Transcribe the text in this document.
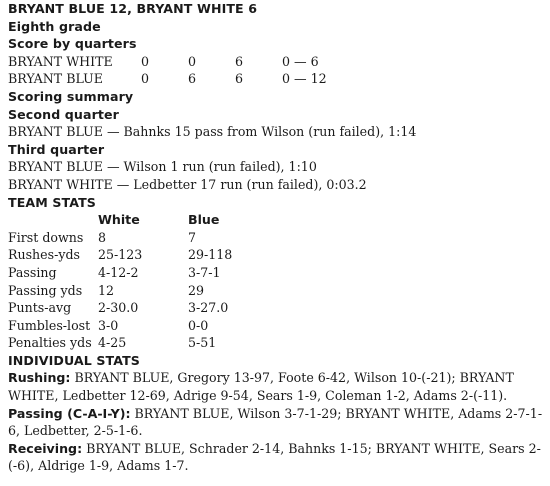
BRYANT BLUE 12, BRYANT WHITE 6
Eighth grade
Score by quarters
BRYANT WHITE	0	0	6	0 — 6
BRYANT BLUE	0	6	6	0 — 12
Scoring summary
Second quarter
BRYANT BLUE — Bahnks 15 pass from Wilson (run failed), 1:14
Third quarter
BRYANT BLUE — Wilson 1 run (run failed), 1:10
BRYANT WHITE — Ledbetter 17 run (run failed), 0:03.2
TEAM STATS
White	Blue
First downs	8	7
Rushes-yds	25-123	29-118
Passing	4-12-2	3-7-1
Passing yds	12	29
Punts-avg	2-30.0	3-27.0
Fumbles-lost 3-0	0-0
Penalties yds 4-25	5-51
INDIVIDUAL STATS
Rushing: BRYANT BLUE, Gregory 13-97, Foote 6-42, Wilson 10-(-21); BRYANT WHITE, Ledbetter 12-69, Adrige 9-54, Sears 1-9, Coleman 1-2, Adams 2-(-11).
Passing (C-A-I-Y): BRYANT BLUE, Wilson 3-7-1-29; BRYANT WHITE, Adams 2-7-1-6, Ledbetter, 2-5-1-6.
Receiving: BRYANT BLUE, Schrader 2-14, Bahnks 1-15; BRYANT WHITE, Sears 2-(-6), Aldrige 1-9, Adams 1-7.
